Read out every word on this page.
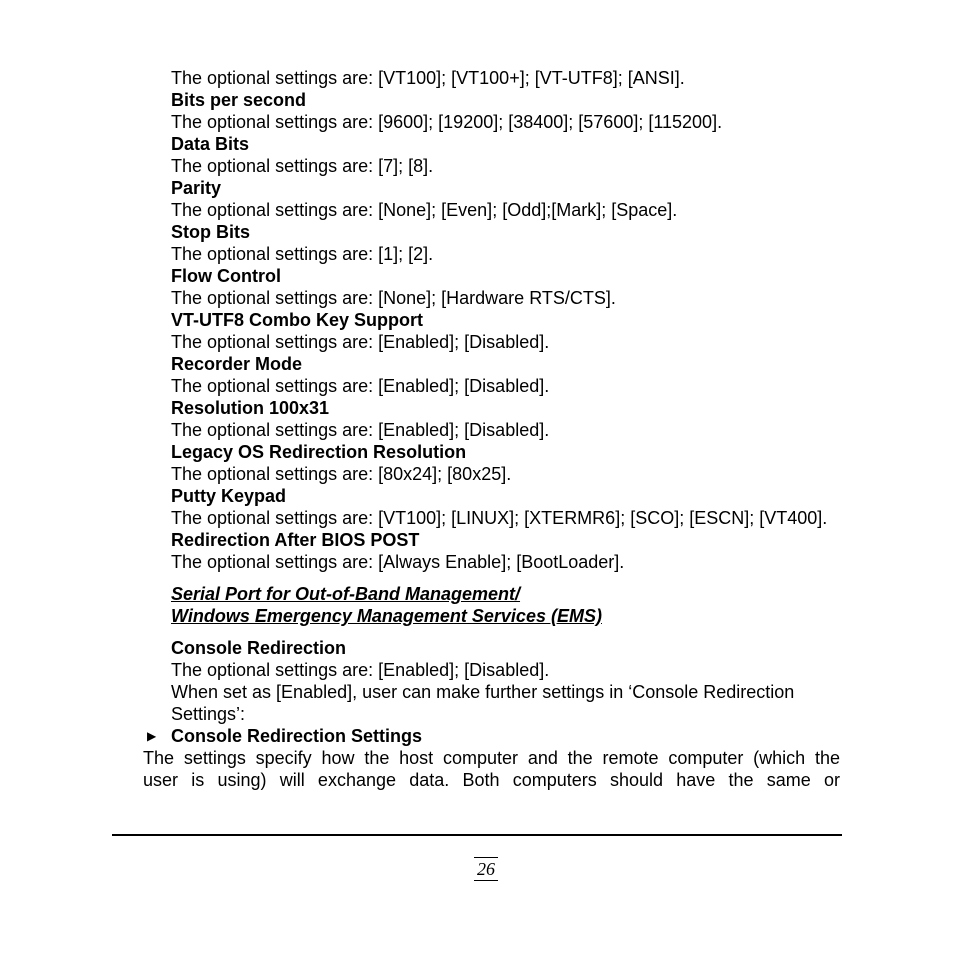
The optional settings are: [VT100]; [VT100+]; [VT-UTF8]; [ANSI].
Bits per second
The optional settings are: [9600]; [19200]; [38400]; [57600]; [115200].
Data Bits
The optional settings are: [7]; [8].
Parity
The optional settings are: [None]; [Even]; [Odd];[Mark]; [Space].
Stop Bits
The optional settings are: [1]; [2].
Flow Control
The optional settings are: [None]; [Hardware RTS/CTS].
VT-UTF8 Combo Key Support
The optional settings are: [Enabled]; [Disabled].
Recorder Mode
The optional settings are: [Enabled]; [Disabled].
Resolution 100x31
The optional settings are: [Enabled]; [Disabled].
Legacy OS Redirection Resolution
The optional settings are: [80x24]; [80x25].
Putty Keypad
The optional settings are: [VT100]; [LINUX]; [XTERMR6]; [SCO]; [ESCN]; [VT400].
Redirection After BIOS POST
The optional settings are: [Always Enable]; [BootLoader].
Serial Port for Out-of-Band Management/
Windows Emergency Management Services (EMS)
Console Redirection
The optional settings are: [Enabled]; [Disabled].
When set as [Enabled], user can make further settings in ‘Console Redirection Settings’:
▶ Console Redirection Settings
The settings specify how the host computer and the remote computer (which the
user is using) will exchange data. Both computers should have the same or
26
